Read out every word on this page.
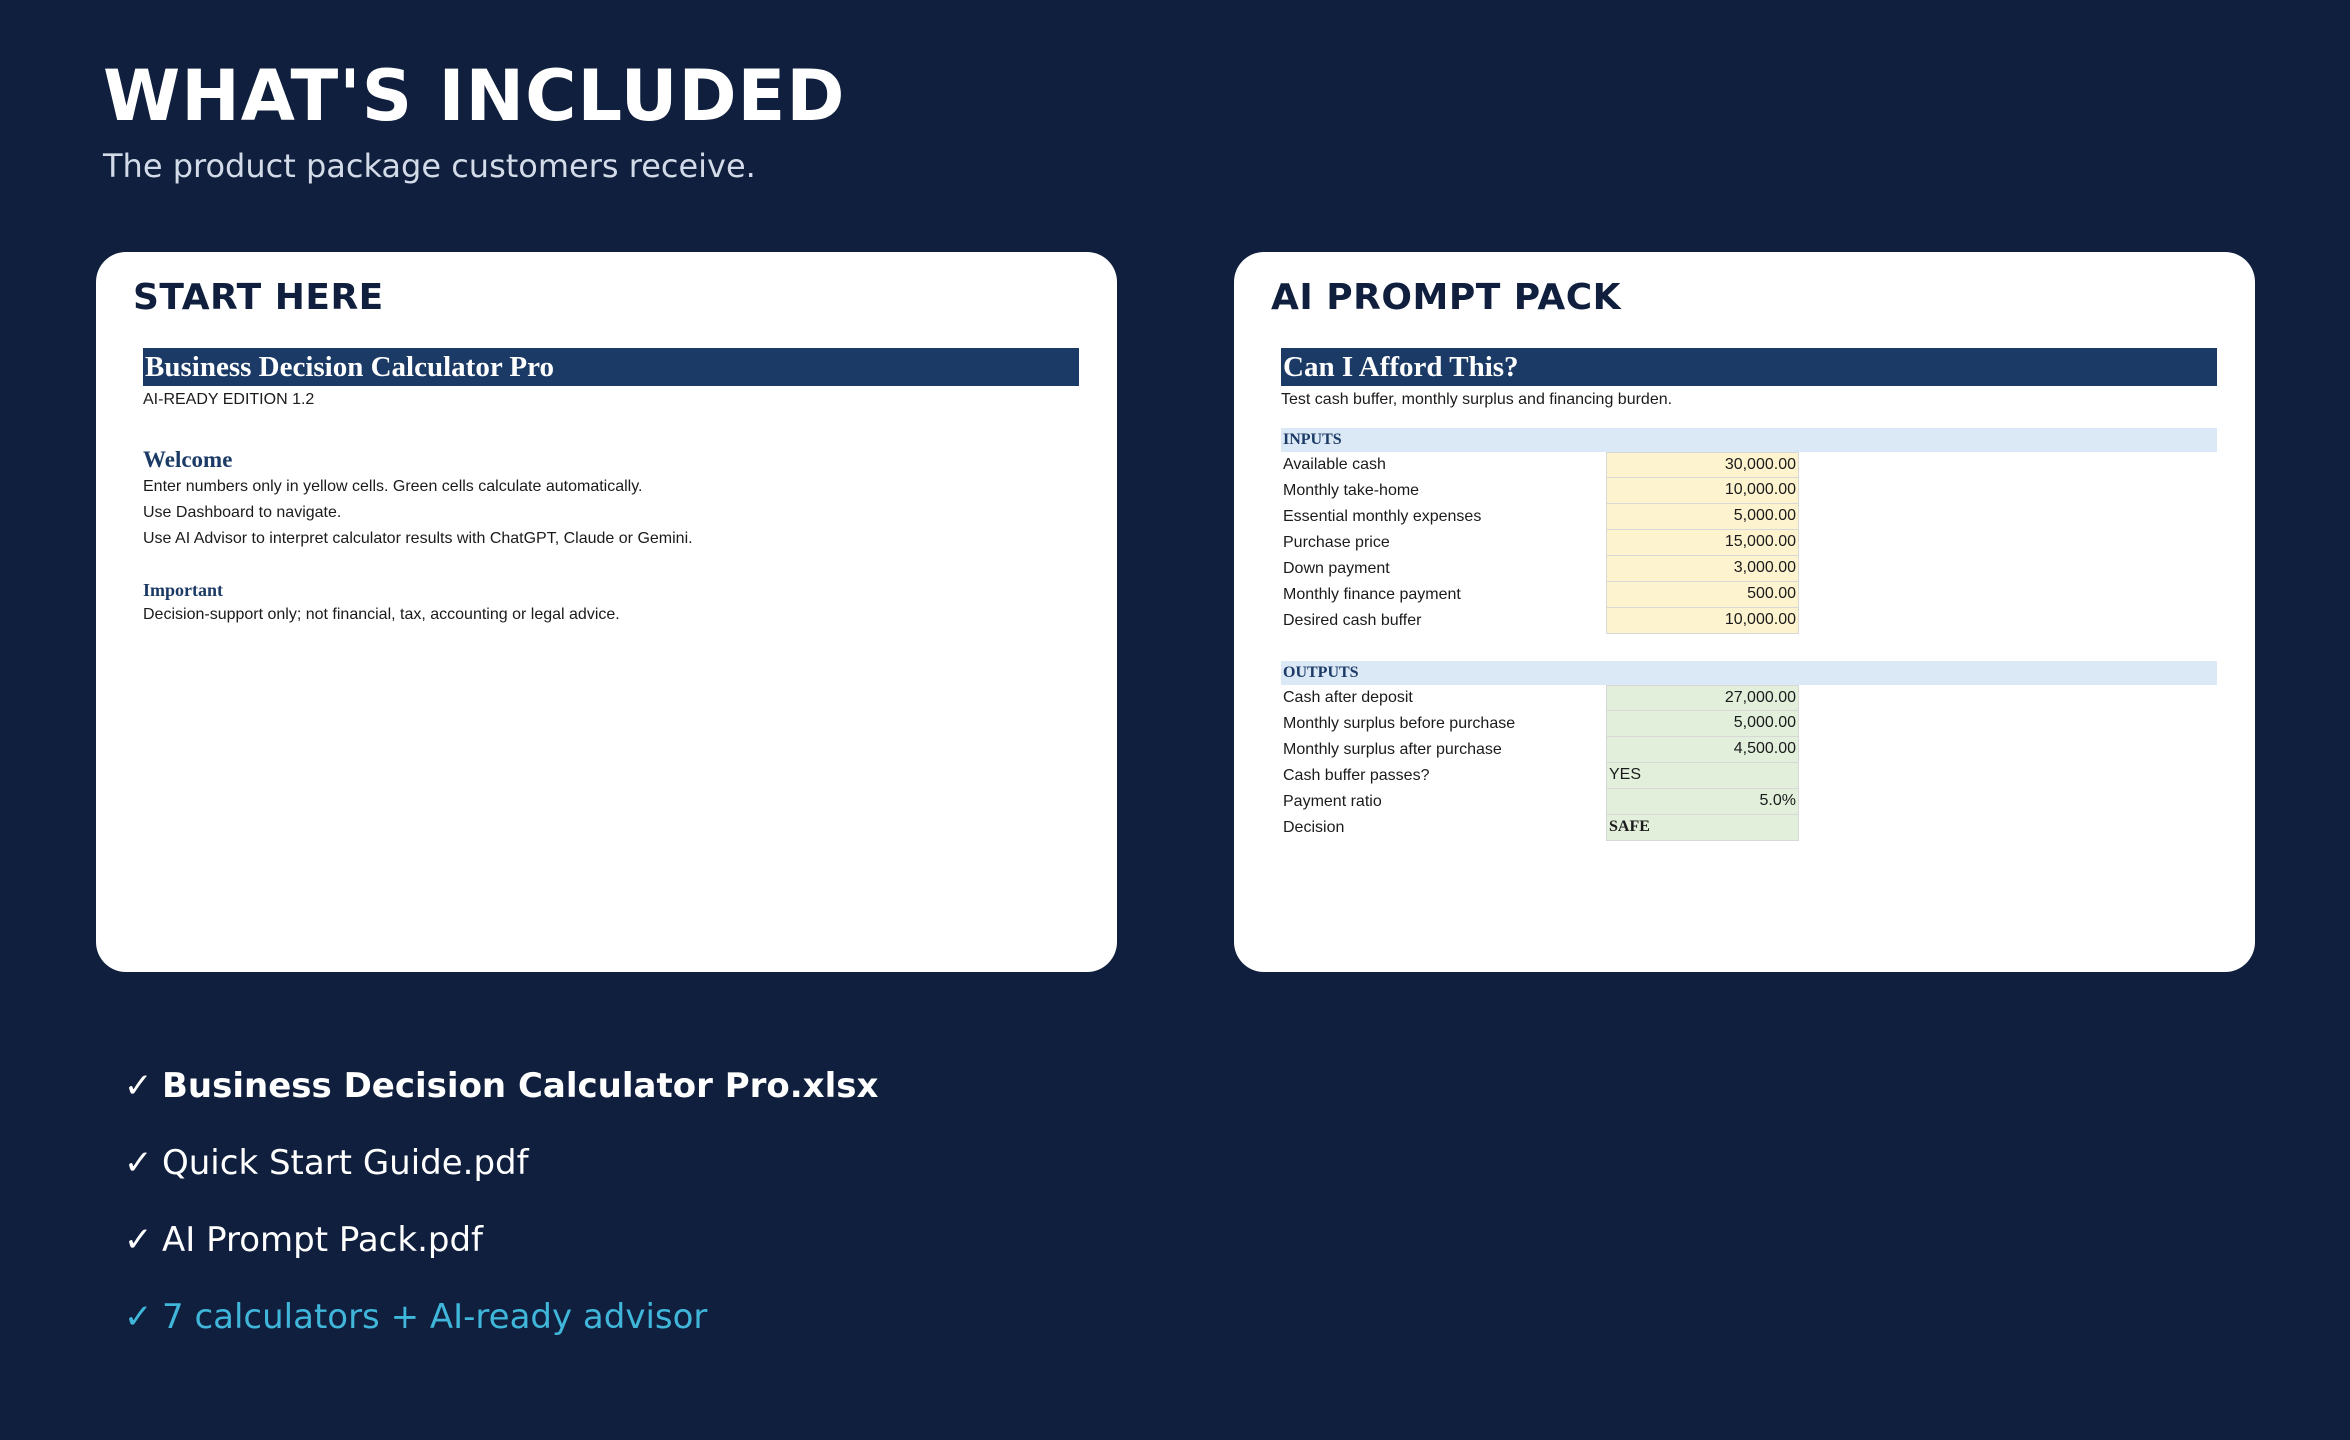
WHAT'S INCLUDED
The product package customers receive.
START HERE
Business Decision Calculator Pro
AI-READY EDITION 1.2
Welcome
Enter numbers only in yellow cells. Green cells calculate automatically.
Use Dashboard to navigate.
Use AI Advisor to interpret calculator results with ChatGPT, Claude or Gemini.
Important
Decision-support only; not financial, tax, accounting or legal advice.
AI PROMPT PACK
Can I Afford This?
Test cash buffer, monthly surplus and financing burden.
INPUTS
Available cash	30,000.00
Monthly take-home	10,000.00
Essential monthly expenses	5,000.00
Purchase price	15,000.00
Down payment	3,000.00
Monthly finance payment	500.00
Desired cash buffer	10,000.00
OUTPUTS
Cash after deposit	27,000.00
Monthly surplus before purchase	5,000.00
Monthly surplus after purchase	4,500.00
Cash buffer passes?	YES
Payment ratio	5.0%
Decision	SAFE
✓ Business Decision Calculator Pro.xlsx
✓ Quick Start Guide.pdf
✓ AI Prompt Pack.pdf
✓ 7 calculators + AI-ready advisor
